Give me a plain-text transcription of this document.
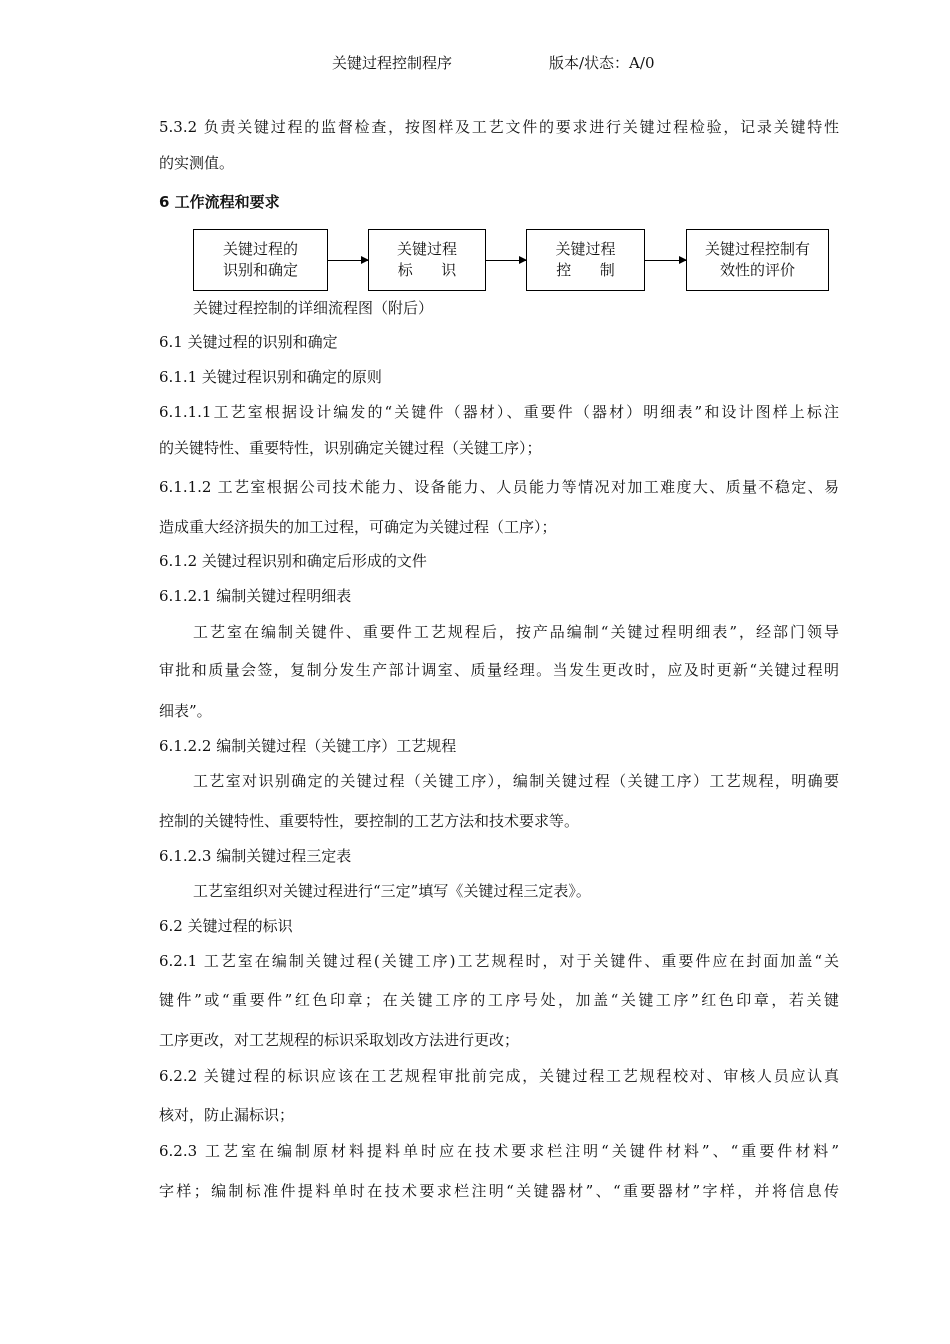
关键过程控制程序	版本/状态：A/0
5.3.2 负责关键过程的监督检查，按图样及工艺文件的要求进行关键过程检验，记录关键特性
的实测值。
6 工作流程和要求
关键过程的
识别和确定
关键过程
标      识
关键过程
控      制
关键过程控制有
效性的评价
关键过程控制的详细流程图（附后）
6.1 关键过程的识别和确定
6.1.1 关键过程识别和确定的原则
6.1.1.1工艺室根据设计编发的“关键件（器材）、重要件（器材）明细表”和设计图样上标注
的关键特性、重要特性，识别确定关键过程（关键工序）；
6.1.1.2 工艺室根据公司技术能力、设备能力、人员能力等情况对加工难度大、质量不稳定、易
造成重大经济损失的加工过程，可确定为关键过程（工序）；
6.1.2 关键过程识别和确定后形成的文件
6.1.2.1 编制关键过程明细表
工艺室在编制关键件、重要件工艺规程后，按产品编制“关键过程明细表”，经部门领导
审批和质量会签，复制分发生产部计调室、质量经理。当发生更改时，应及时更新“关键过程明
细表”。
6.1.2.2 编制关键过程（关键工序）工艺规程
工艺室对识别确定的关键过程（关键工序），编制关键过程（关键工序）工艺规程，明确要
控制的关键特性、重要特性，要控制的工艺方法和技术要求等。
6.1.2.3 编制关键过程三定表
工艺室组织对关键过程进行“三定”填写《关键过程三定表》。
6.2 关键过程的标识
6.2.1 工艺室在编制关键过程(关键工序)工艺规程时，对于关键件、重要件应在封面加盖“关
键件”或“重要件”红色印章；在关键工序的工序号处，加盖“关键工序”红色印章，若关键
工序更改，对工艺规程的标识采取划改方法进行更改；
6.2.2 关键过程的标识应该在工艺规程审批前完成，关键过程工艺规程校对、审核人员应认真
核对，防止漏标识；
6.2.3 工艺室在编制原材料提料单时应在技术要求栏注明“关键件材料”、“重要件材料”
字样；编制标准件提料单时在技术要求栏注明“关键器材”、“重要器材”字样，并将信息传
